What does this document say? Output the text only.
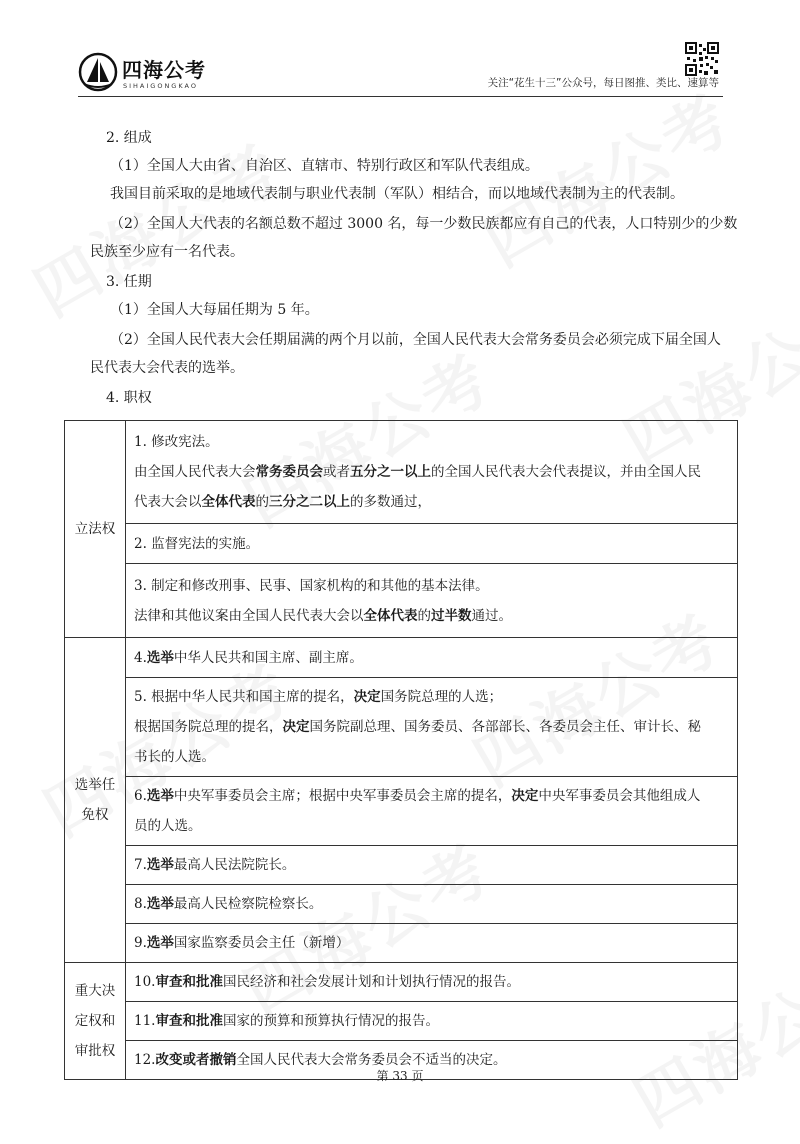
四海公考
SIHAIGONGKAO	关注“花生十三”公众号，每日图推、类比、速算等
2. 组成
（1）全国人大由省、自治区、直辖市、特别行政区和军队代表组成。
我国目前采取的是地域代表制与职业代表制（军队）相结合，而以地域代表制为主的代表制。
（2）全国人大代表的名额总数不超过 3000 名，每一少数民族都应有自己的代表，人口特别少的少数
民族至少应有一名代表。
3. 任期
（1）全国人大每届任期为 5 年。
（2）全国人民代表大会任期届满的两个月以前，全国人民代表大会常务委员会必须完成下届全国人
民代表大会代表的选举。
4. 职权
立法权	1. 修改宪法。
由全国人民代表大会常务委员会或者五分之一以上的全国人民代表大会代表提议，并由全国人民
代表大会以全体代表的三分之二以上的多数通过，

	2. 监督宪法的实施。

	3. 制定和修改刑事、民事、国家机构的和其他的基本法律。
法律和其他议案由全国人民代表大会以全体代表的过半数通过。

选举任
免权	4.选举中华人民共和国主席、副主席。

	5. 根据中华人民共和国主席的提名，决定国务院总理的人选；
根据国务院总理的提名，决定国务院副总理、国务委员、各部部长、各委员会主任、审计长、秘
书长的人选。

	6.选举中央军事委员会主席；根据中央军事委员会主席的提名，决定中央军事委员会其他组成人
员的人选。

	7.选举最高人民法院院长。
	8.选举最高人民检察院检察长。
	9.选举国家监察委员会主任（新增）

重大决
定权和
审批权	10.审查和批准国民经济和社会发展计划和计划执行情况的报告。
	11.审查和批准国家的预算和预算执行情况的报告。
	12.改变或者撤销全国人民代表大会常务委员会不适当的决定。
第 33 页
